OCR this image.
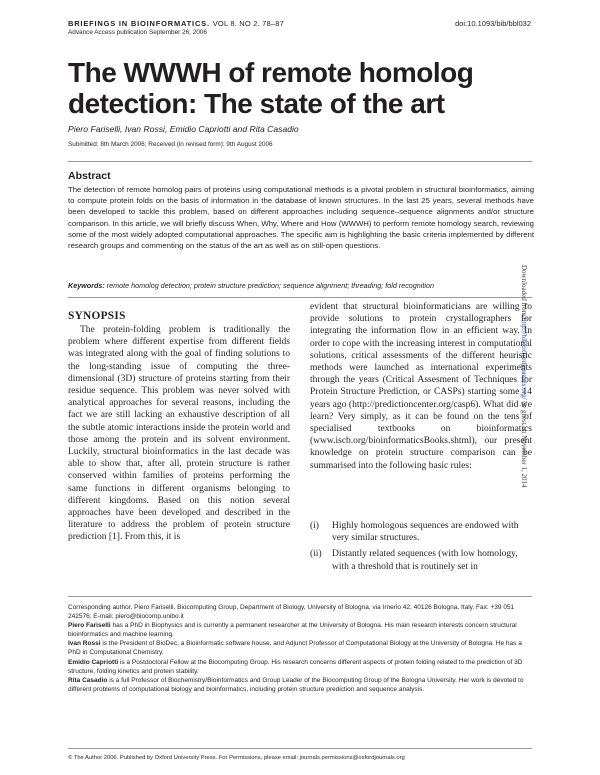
BRIEFINGS IN BIOINFORMATICS. VOL 8. NO 2. 78–87	doi:10.1093/bib/bbl032
Advance Access publication September 26, 2006
The WWWH of remote homolog detection: The state of the art
Piero Fariselli, Ivan Rossi, Emidio Capriotti and Rita Casadio
Submitted: 8th March 2006; Received (in revised form): 9th August 2006
Abstract
The detection of remote homolog pairs of proteins using computational methods is a pivotal problem in structural bioinformatics, aiming to compute protein folds on the basis of information in the database of known structures. In the last 25 years, several methods have been developed to tackle this problem, based on different approaches including sequence–sequence alignments and/or structure comparison. In this article, we will briefly discuss When, Why, Where and How (WWWH) to perform remote homology search, reviewing some of the most widely adopted computational approaches. The specific aim is highlighting the basic criteria implemented by different research groups and commenting on the status of the art as well as on still-open questions.
Keywords: remote homolog detection; protein structure prediction; sequence alignment; threading; fold recognition	Downloaded from http://bib.oxfordjournals.org/ by guest on November 1, 2014
SYNOPSIS
The protein-folding problem is traditionally the problem where different expertise from different fields was integrated along with the goal of finding solutions to the long-standing issue of computing the three-dimensional (3D) structure of proteins starting from their residue sequence. This problem was never solved with analytical approaches for several reasons, including the fact we are still lacking an exhaustive description of all the subtle atomic interactions inside the protein world and those among the protein and its solvent environment. Luckily, structural bioinformatics in the last decade was able to show that, after all, protein structure is rather conserved within families of proteins performing the same functions in different organisms belonging to different kingdoms. Based on this notion several approaches have been developed and described in the literature to address the problem of protein structure prediction [1]. From this, it is
evident that structural bioinformaticians are willing to provide solutions to protein crystallographers for integrating the information flow in an efficient way. In order to cope with the increasing interest in computational solutions, critical assessments of the different heuristic methods were launched as international experiments through the years (Critical Assesment of Techniques for Protein Structure Prediction, or CASPs) starting some 14 years ago (http://predictioncenter.org/casp6). What did we learn? Very simply, as it can be found on the tens of specialised textbooks on bioinformatics (www.iscb.org/bioinformaticsBooks.shtml), our present knowledge on protein structure comparison can be summarised into the following basic rules:
(i) Highly homologous sequences are endowed with very similar structures.
(ii) Distantly related sequences (with low homology, with a threshold that is routinely set in

Corresponding author. Piero Fariselli, Biocomputing Group, Department of Biology, University of Bologna, via Irnerio 42, 40126 Bologna, Italy. Fax: +39 051 242576; E-mail: piero@biocomp.unibo.it

Piero Fariselli has a PhD in Biophysics and is currently a permanent researcher at the University of Bologna. His main research interests concern structural bioinformatics and machine learning.

Ivan Rossi is the President of BioDec, a Bioinformatic software house, and Adjunct Professor of Computational Biology at the University of Bologna. He has a PhD in Computational Chemistry.

Emidio Capriotti is a Postdoctoral Fellow at the Biocomputing Group. His research concerns different aspects of protein folding related to the prediction of 3D structure, folding kinetics and protein stability.

Rita Casadio is a full Professor of Biochemistry/Bioinformatics and Group Leader of the Biocomputing Group of the Bologna University. Her work is devoted to different problems of computational biology and bioinformatics, including protein structure prediction and sequence analysis.

© The Author 2006. Published by Oxford University Press. For Permissions, please email: journals.permissions@oxfordjournals.org
